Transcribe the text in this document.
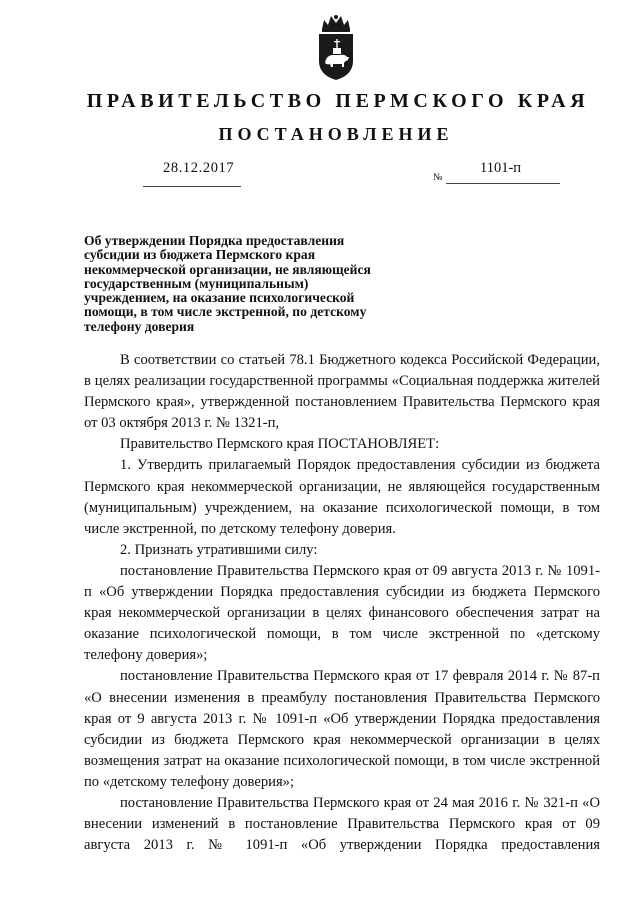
ПРАВИТЕЛЬСТВО ПЕРМСКОГО КРАЯ
ПОСТАНОВЛЕНИЕ
28.12.2017
№
1101-п
Об утверждении Порядка предоставления
субсидии из бюджета Пермского края
некоммерческой организации, не являющейся
государственным (муниципальным)
учреждением, на оказание психологической
помощи, в том числе экстренной, по детскому
телефону доверия

В соответствии со статьей 78.1 Бюджетного кодекса Российской Федерации, в целях реализации государственной программы «Социальная поддержка жителей Пермского края», утвержденной постановлением Правительства Пермского края от 03 октября 2013 г. № 1321-п,

Правительство Пермского края ПОСТАНОВЛЯЕТ:

1. Утвердить прилагаемый Порядок предоставления субсидии из бюджета Пермского края некоммерческой организации, не являющейся государственным (муниципальным) учреждением, на оказание психологической помощи, в том числе экстренной, по детскому телефону доверия.

2. Признать утратившими силу:

постановление Правительства Пермского края от 09 августа 2013 г. № 1091-п «Об утверждении Порядка предоставления субсидии из бюджета Пермского края некоммерческой организации в целях финансового обеспечения затрат на оказание психологической помощи, в том числе экстренной по «детскому телефону доверия»;

постановление Правительства Пермского края от 17 февраля 2014 г. № 87-п «О внесении изменения в преамбулу постановления Правительства Пермского края от 9 августа 2013 г. № 1091-п «Об утверждении Порядка предоставления субсидии из бюджета Пермского края некоммерческой организации в целях возмещения затрат на оказание психологической помощи, в том числе экстренной по «детскому телефону доверия»;

постановление Правительства Пермского края от 24 мая 2016 г. № 321-п «О внесении изменений в постановление Правительства Пермского края от 09 августа 2013 г. № 1091-п «Об утверждении Порядка предоставления
